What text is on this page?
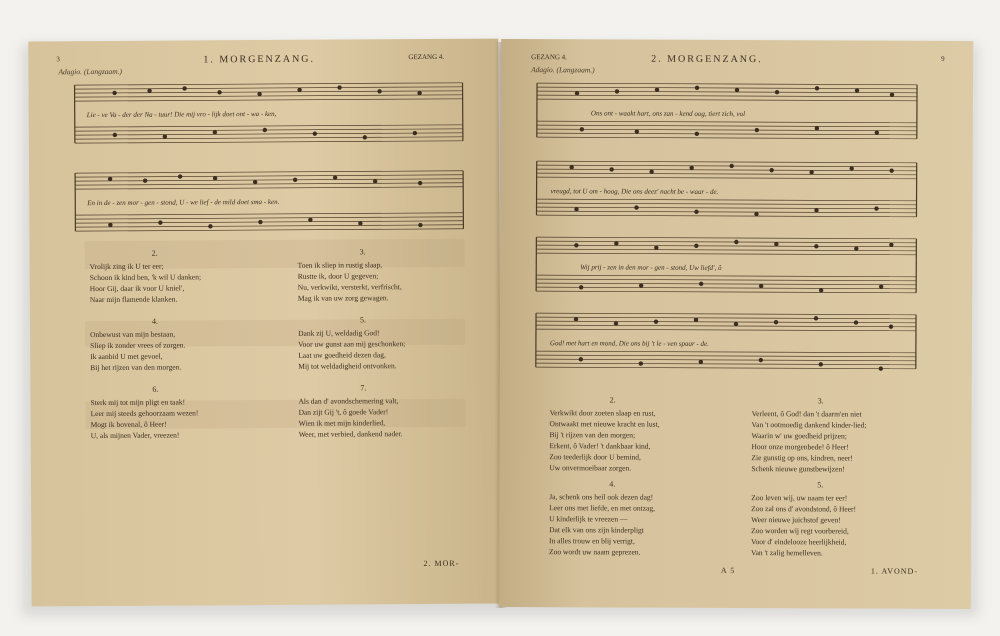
3	1. MORGENZANG.	GEZANG 4.
Adagio. (Langzaam.)
Lie - ve Va - der der Na - tuur! Die mij vro - lijk doet ont - wa - ken,
En in de - zen mor - gen - stond, U - we lief - de mild doet sma - ken.
2.
Vrolijk zing ik U ter eer;
Schoon ik kind ben, 'k wil U danken;
Hoor Gij, daar ik voor U knielʹ,
Naar mijn flamende klanken.
3.
Toen ik sliep in rustig slaap,
Rustte ik, door U gegeven;
Nu, verkwikt, versterkt, verfrischt,
Mag ik van uw zorg gewagen.
4.
Onbewust van mijn bestaan,
Sliep ik zonder vrees of zorgen.
Ik aanbid U met gevoel,
Bij het rijzen van den morgen.
5.
Dank zij U, weldadig God!
Voor uw gunst aan mij geschonken;
Laat uw goedheid dezen dag,
Mij tot weldadigheid ontvonken.
6.
Sterk mij tot mijn pligt en taak!
Leer mij steeds gehoorzaam wezen!
Mogt ik bovenal, ô Heer!
U, als mijnen Vader, vreezen!
7.
Als dan d' avondschemering valt,
Dan zijt Gij 't, ô goede Vader!
Wien ik met mijn kinderlied,
Weer, met verbied, dankend nader.
2. MOR-
GEZANG 4.	2. MORGENZANG.	9
Adagio. (Langzaam.)
Ons ont - waakt hart, ons zan - kend oog, tiert zich, vol
vreugd, tot U om - hoog, Die ons deez' nacht be - waar - de.
Wij prij - zen in den mor - gen - stond, Uw liefd', ô
God! met hart en mond, Die ons bij 't le - ven spaar - de.
2.
Verkwikt door zoeten slaap en rust,
Ontwaakt met nieuwe kracht en lust,
Bij 't rijzen van den morgen;
Erkent, ô Vader! 't dankbaar kind,
Zoo teederlijk door U bemind,
Uw onvermoeibaar zorgen.
3.
Verleent, ô God! dan 't daarm'en niet
Van 't ootmoedig dankend kinder-lied;
Waarin w' uw goedheid prijzen;
Hoor onze morgenbede! ô Heer!
Zie gunstig op ons, kindren, neer!
Schenk nieuwe gunstbewijzen!
4.
Ja, schenk ons heil ook dezen dag!
Leer ons met liefde, en met ontzag,
U kinderlijk te vreezen —
Dat elk van ons zijn kinderpligt
In alles trouw en blij verrigt,
Zoo wordt uw naam geprezen.
5.
Zoo leven wij, uw naam ter eer!
Zoo zal ons d' avondstond, ô Heer!
Weer nieuwe juichstof geven!
Zoo worden wij regt voorbereid,
Voor d' eindelooze heerlijkheid,
Van 't zalig hemelleven.
A 5	1. AVOND-
